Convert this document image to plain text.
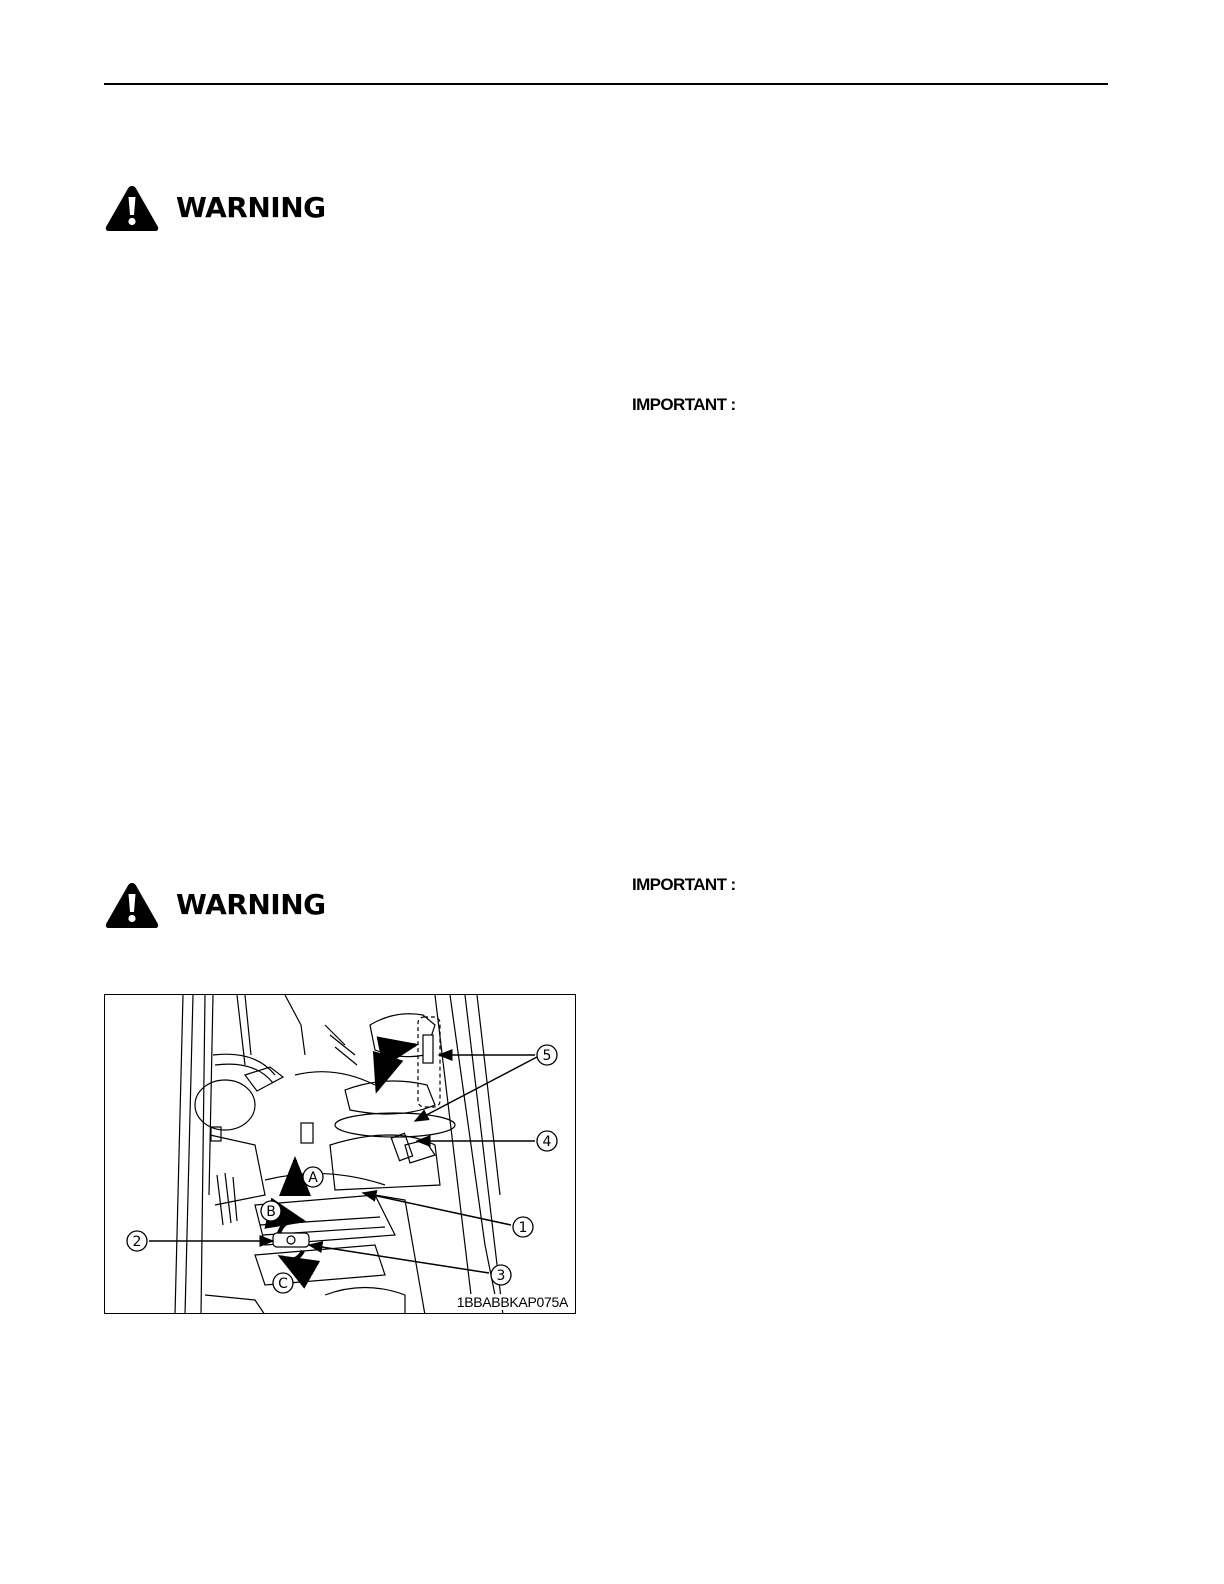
WARNING
WARNING
IMPORTANT :
IMPORTANT :
5
4
1
2
3
A
B
C
1BBABBKAP075A
